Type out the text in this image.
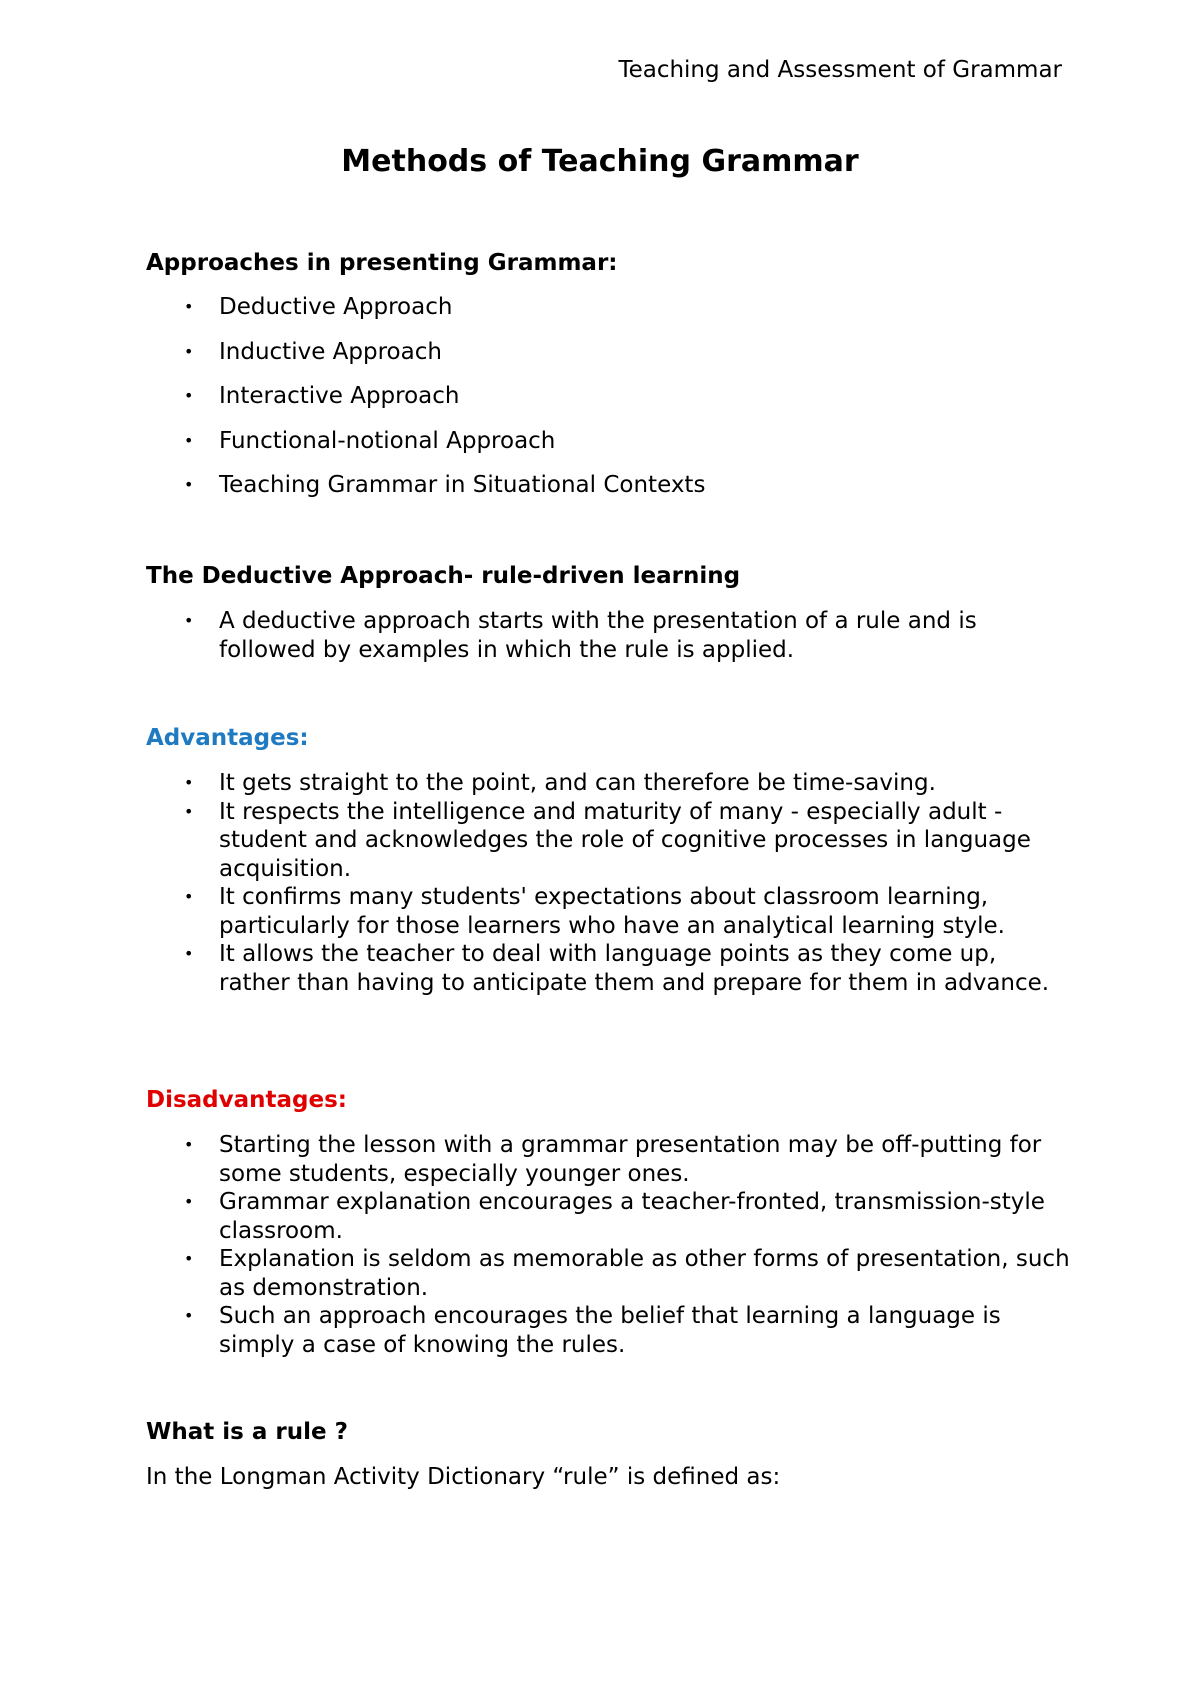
Teaching and Assessment of Grammar
Methods of Teaching Grammar
Approaches in presenting Grammar:
• Deductive Approach
• Inductive Approach
• Interactive Approach
• Functional-notional Approach
• Teaching Grammar in Situational Contexts
The Deductive Approach- rule-driven learning
• A deductive approach starts with the presentation of a rule and is followed by examples in which the rule is applied.
Advantages:
• It gets straight to the point, and can therefore be time-saving.
• It respects the intelligence and maturity of many - especially adult -student and acknowledges the role of cognitive processes in language acquisition.
• It confirms many students' expectations about classroom learning, particularly for those learners who have an analytical learning style.
• It allows the teacher to deal with language points as they come up, rather than having to anticipate them and prepare for them in advance.
Disadvantages:
• Starting the lesson with a grammar presentation may be off-putting for some students, especially younger ones.
• Grammar explanation encourages a teacher-fronted, transmission-style classroom.
• Explanation is seldom as memorable as other forms of presentation, such as demonstration.
• Such an approach encourages the belief that learning a language is simply a case of knowing the rules.
What is a rule ?
In the Longman Activity Dictionary “rule” is defined as:
